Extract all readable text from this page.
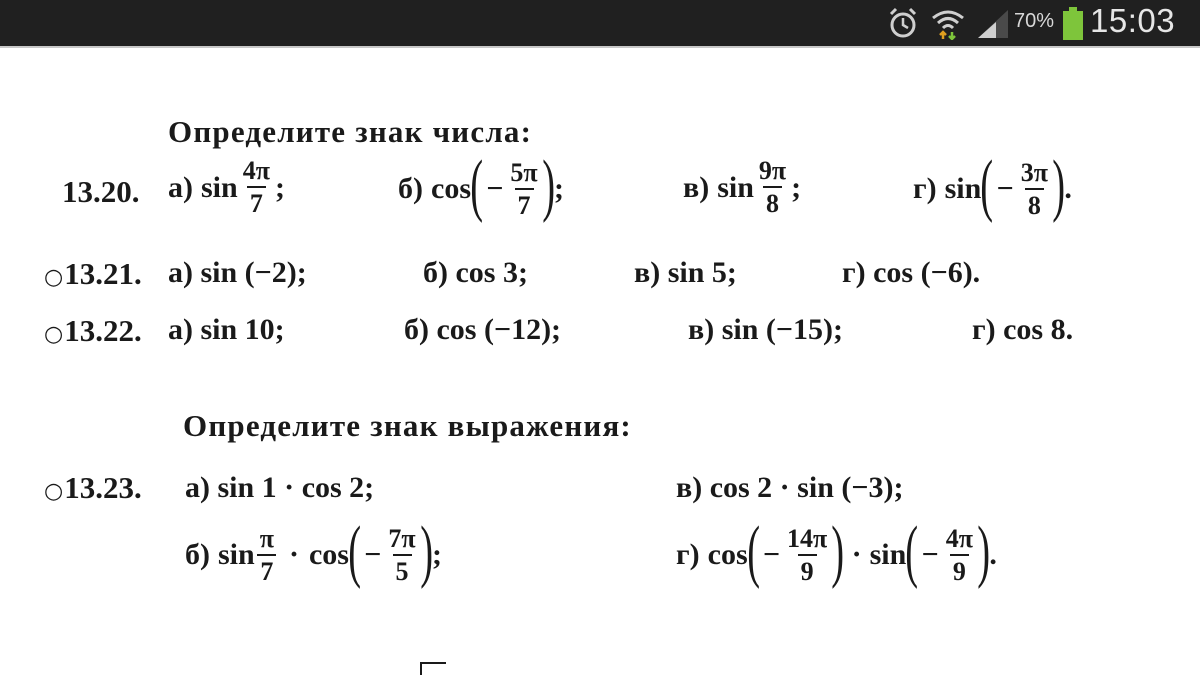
70% 15:03
Определите знак числа:
13.20. а) $\sin \frac{4\pi}{7}$ ;	б) cos ( − $\frac{5\pi}{7}$ ) ;	в) $\sin \frac{9\pi}{8}$ ;	г) sin ( − $\frac{3\pi}{8}$ ) .
○13.21. а) sin (−2);	б) cos 3;	в) sin 5;	г) cos (−6).
○13.22. а) sin 10;	б) cos (−12);	в) sin (−15);	г) cos 8.
Определите знак выражения:
○13.23. а) sin 1 · cos 2;	в) cos 2 · sin (−3);
б) $\sin \frac{\pi}{7} \cdot \cos$ ( − $\frac{7\pi}{5}$ ) ;	г) cos ( − $\frac{14\pi}{9}$ ) · sin ( − $\frac{4\pi}{9}$ ) .
